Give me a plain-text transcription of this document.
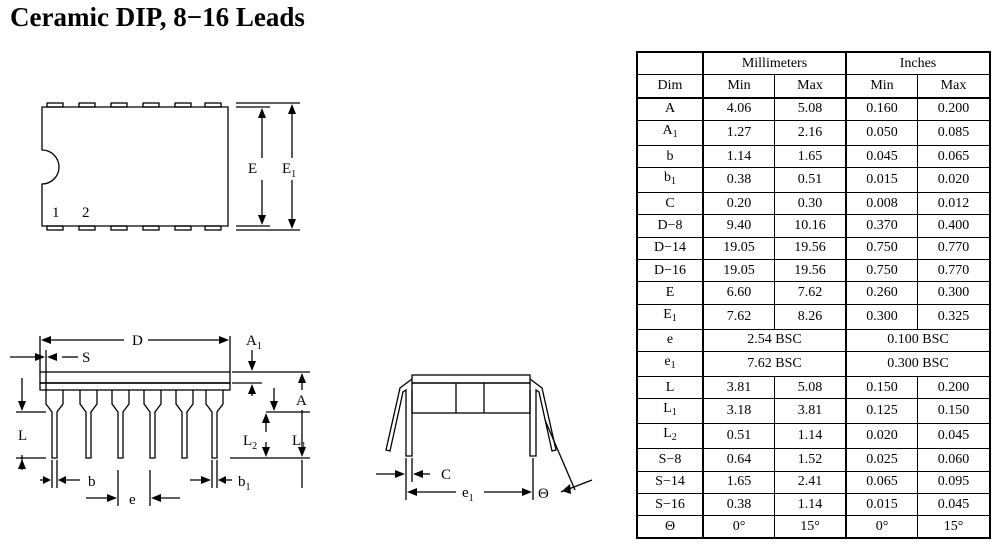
Ceramic DIP, 8−16 Leads
E $E_1$
1 2
D	$A_1$
S
A
L	$L_2$ $L_1$
b
e
$b_1$
C
$e_1$	Θ
	Millimeters		Inches	
Dim	Min	Max	Min	Max
A	4.06	5.08	0.160	0.200
$A_1$	1.27	2.16	0.050	0.085
b	1.14	1.65	0.045	0.065
$b_1$	0.38	0.51	0.015	0.020
C	0.20	0.30	0.008	0.012
D−8	9.40	10.16	0.370	0.400
D−14	19.05	19.56	0.750	0.770
D−16	19.05	19.56	0.750	0.770
E	6.60	7.62	0.260	0.300
$E_1$	7.62	8.26	0.300	0.325
e	2.54 BSC		0.100 BSC	
$e_1$	7.62 BSC		0.300 BSC	
L	3.81	5.08	0.150	0.200
$L_1$	3.18	3.81	0.125	0.150
$L_2$	0.51	1.14	0.020	0.045
S−8	0.64	1.52	0.025	0.060
S−14	1.65	2.41	0.065	0.095
S−16	0.38	1.14	0.015	0.045
Θ	0°	15°	0°	15°
